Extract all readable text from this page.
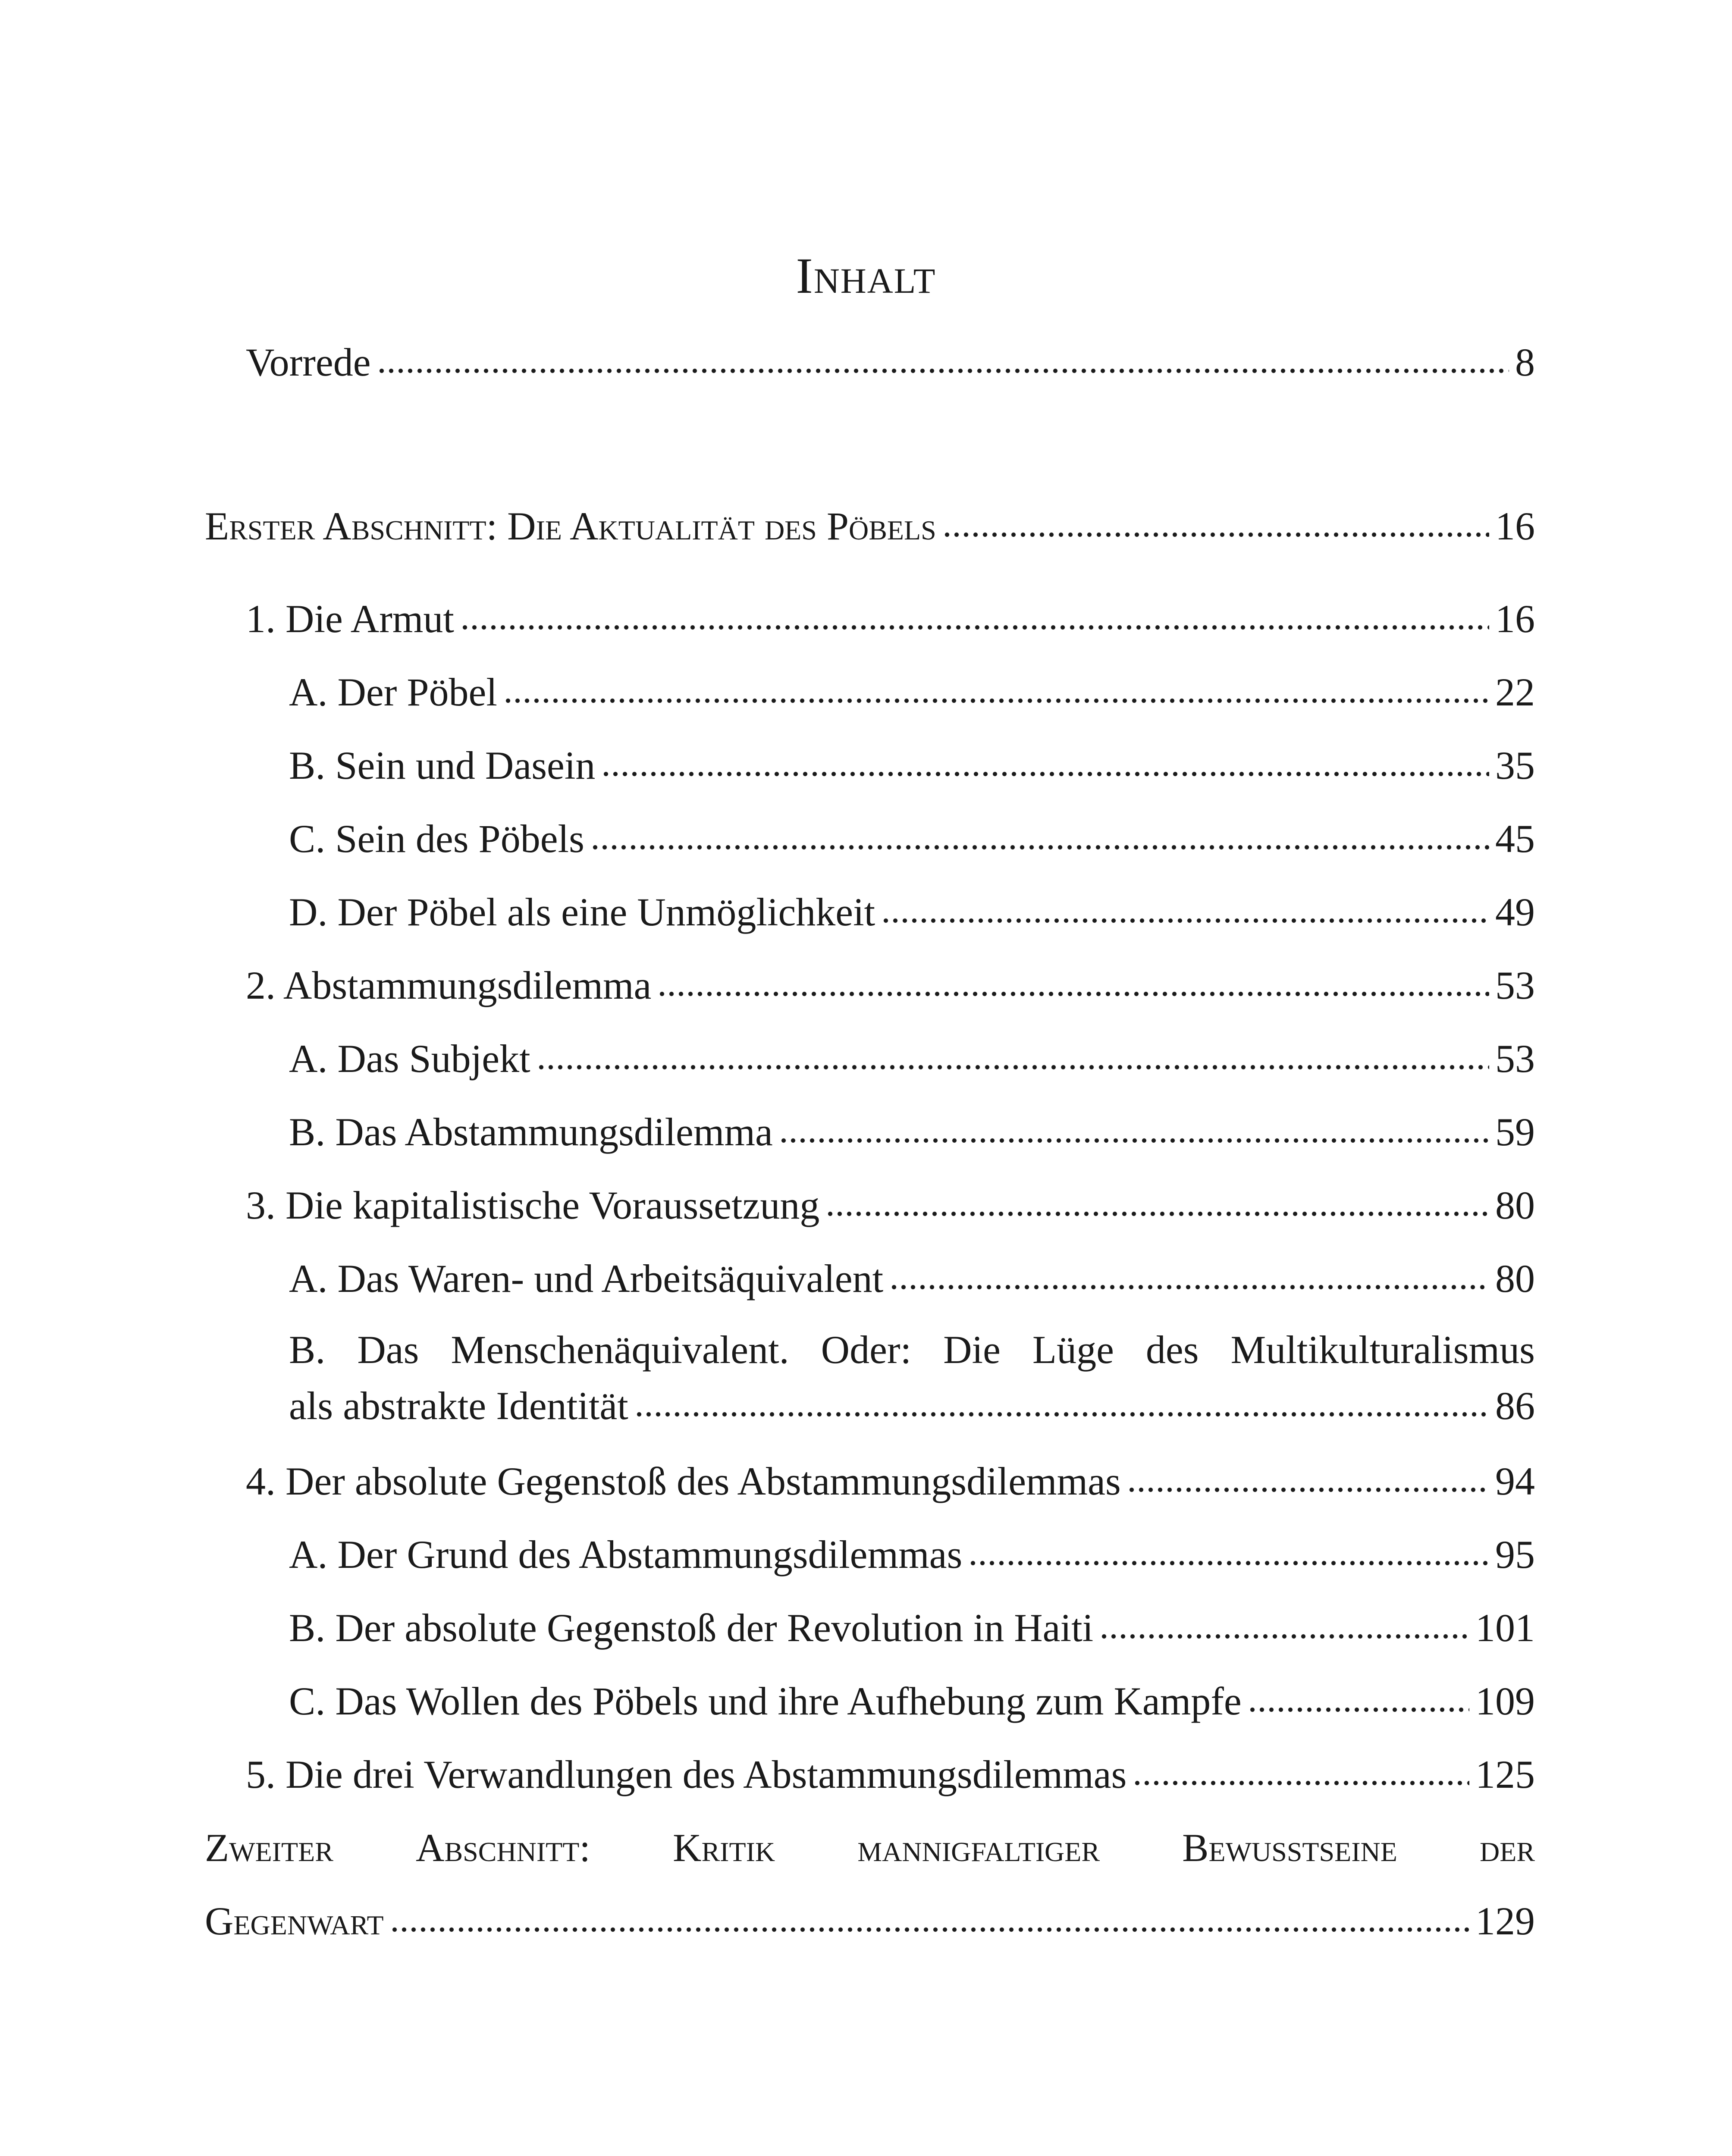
Inhalt
Vorrede	8
Erster Abschnitt: Die Aktualität des Pöbels	16
1. Die Armut	16
A. Der Pöbel	22
B. Sein und Dasein	35
C. Sein des Pöbels	45
D. Der Pöbel als eine Unmöglichkeit	49
2. Abstammungsdilemma	53
A. Das Subjekt	53
B. Das Abstammungsdilemma	59
3. Die kapitalistische Voraussetzung	80
A. Das Waren- und Arbeitsäquivalent	80
B. Das Menschenäquivalent. Oder: Die Lüge des Multikulturalismus
als abstrakte Identität	86
4. Der absolute Gegenstoß des Abstammungsdilemmas	94
A. Der Grund des Abstammungsdilemmas	95
B. Der absolute Gegenstoß der Revolution in Haiti	101
C. Das Wollen des Pöbels und ihre Aufhebung zum Kampfe	109
5. Die drei Verwandlungen des Abstammungsdilemmas	125
Zweiter Abschnitt: Kritik mannigfaltiger Bewusstseine der
Gegenwart	129
